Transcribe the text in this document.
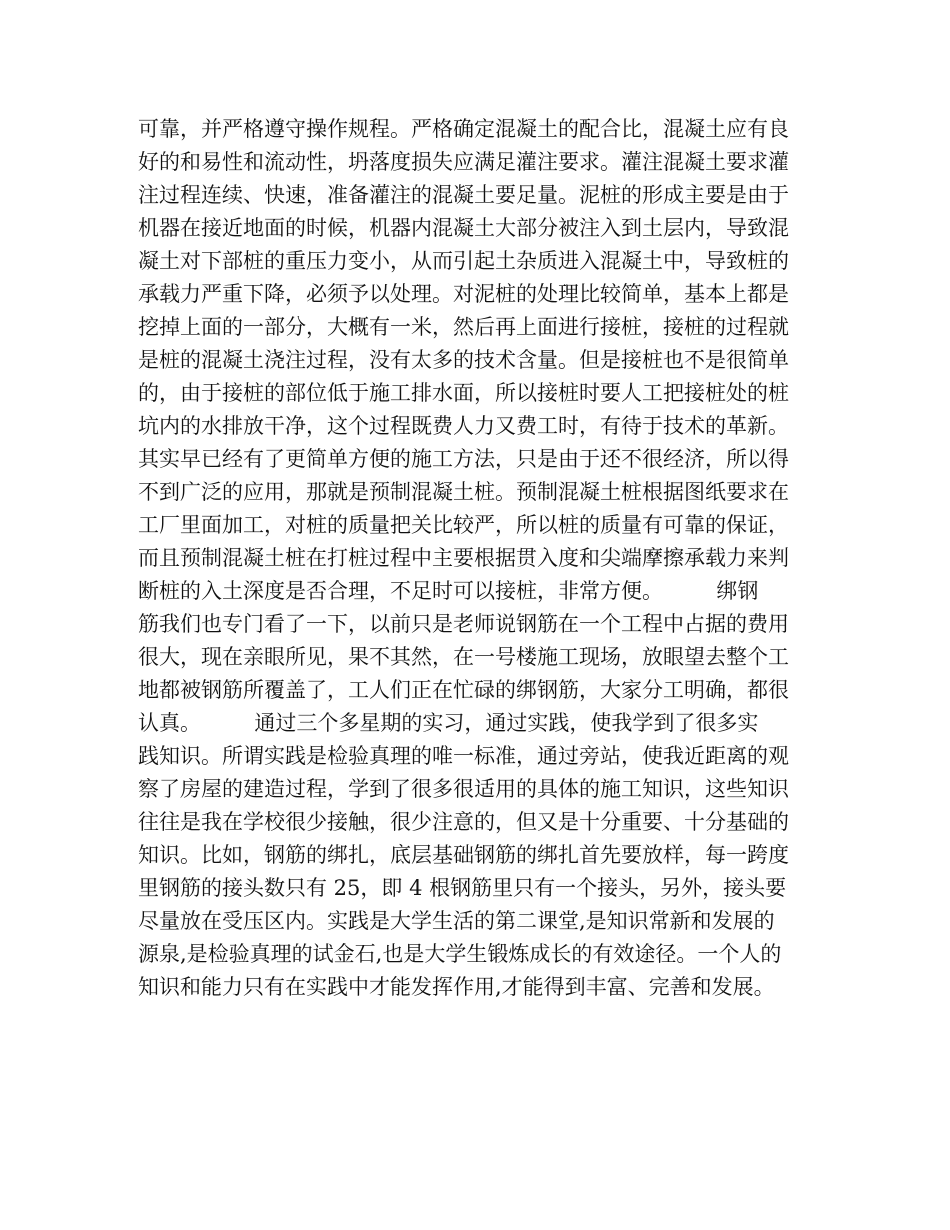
可靠，并严格遵守操作规程。严格确定混凝土的配合比，混凝土应有良
好的和易性和流动性，坍落度损失应满足灌注要求。灌注混凝土要求灌
注过程连续、快速，准备灌注的混凝土要足量。泥桩的形成主要是由于
机器在接近地面的时候，机器内混凝土大部分被注入到土层内，导致混
凝土对下部桩的重压力变小，从而引起土杂质进入混凝土中，导致桩的
承载力严重下降，必须予以处理。对泥桩的处理比较简单，基本上都是
挖掉上面的一部分，大概有一米，然后再上面进行接桩，接桩的过程就
是桩的混凝土浇注过程，没有太多的技术含量。但是接桩也不是很简单
的，由于接桩的部位低于施工排水面，所以接桩时要人工把接桩处的桩
坑内的水排放干净，这个过程既费人力又费工时，有待于技术的革新。
其实早已经有了更简单方便的施工方法，只是由于还不很经济，所以得
不到广泛的应用，那就是预制混凝土桩。预制混凝土桩根据图纸要求在
工厂里面加工，对桩的质量把关比较严，所以桩的质量有可靠的保证，
而且预制混凝土桩在打桩过程中主要根据贯入度和尖端摩擦承载力来判
断桩的入土深度是否合理，不足时可以接桩，非常方便。        绑钢
筋我们也专门看了一下，以前只是老师说钢筋在一个工程中占据的费用
很大，现在亲眼所见，果不其然，在一号楼施工现场，放眼望去整个工
地都被钢筋所覆盖了，工人们正在忙碌的绑钢筋，大家分工明确，都很
认真。        通过三个多星期的实习，通过实践，使我学到了很多实
践知识。所谓实践是检验真理的唯一标准，通过旁站，使我近距离的观
察了房屋的建造过程，学到了很多很适用的具体的施工知识，这些知识
往往是我在学校很少接触，很少注意的，但又是十分重要、十分基础的
知识。比如，钢筋的绑扎，底层基础钢筋的绑扎首先要放样，每一跨度
里钢筋的接头数只有 25，即 4 根钢筋里只有一个接头，另外，接头要
尽量放在受压区内。实践是大学生活的第二课堂,是知识常新和发展的
源泉,是检验真理的试金石,也是大学生锻炼成长的有效途径。一个人的
知识和能力只有在实践中才能发挥作用,才能得到丰富、完善和发展。
